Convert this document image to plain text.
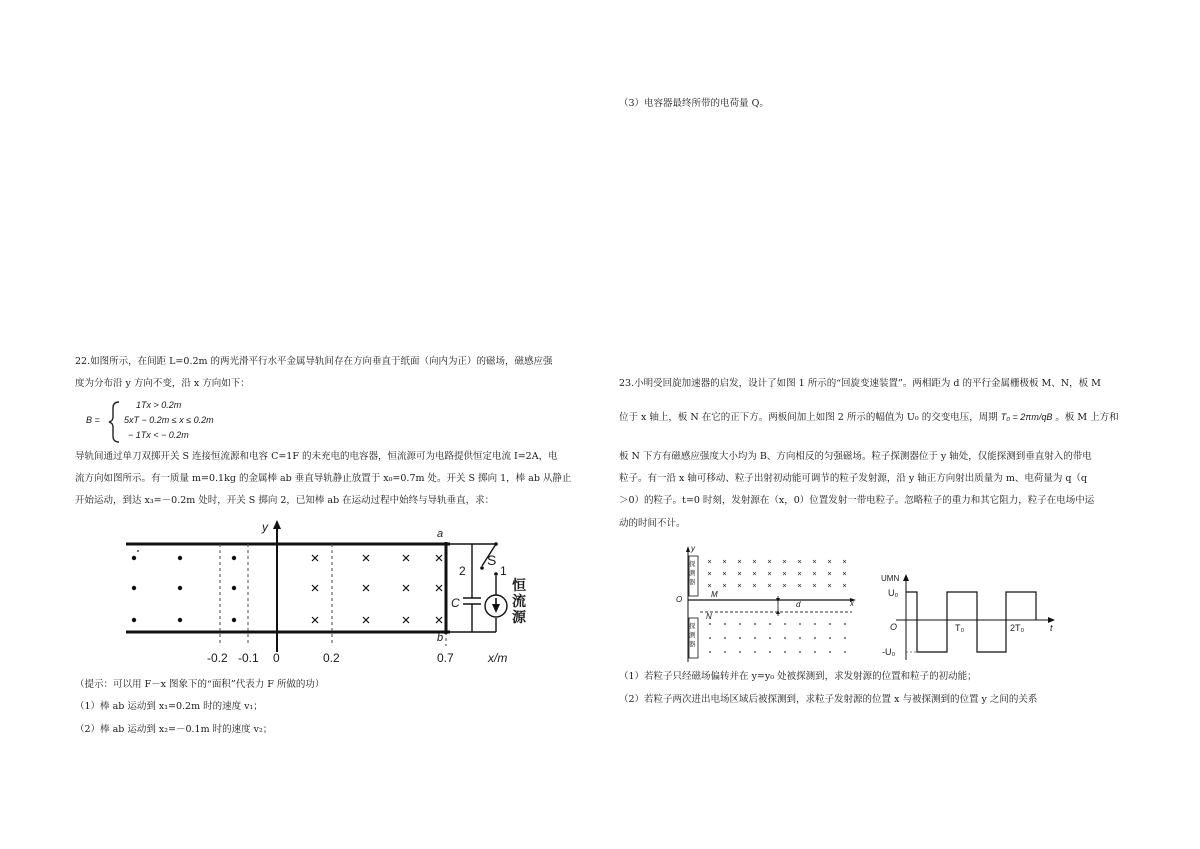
（3）电容器最终所带的电荷量 Q。
22.如图所示，在间距 L=0.2m 的两光滑平行水平金属导轨间存在方向垂直于纸面（向内为正）的磁场，磁感应强
度为分布沿 y 方向不变，沿 x 方向如下：
B =
1Tx > 0.2m
5xT − 0.2m ≤ x ≤ 0.2m
− 1Tx < − 0.2m
导轨间通过单刀双掷开关 S 连接恒流源和电容 C=1F 的未充电的电容器，恒流源可为电路提供恒定电流 I=2A，电
流方向如图所示。有一质量 m=0.1kg 的金属棒 ab 垂直导轨静止放置于 x₀=0.7m 处。开关 S 掷向 1，棒 ab 从静止
开始运动，到达 x₃=－0.2m 处时，开关 S 掷向 2，已知棒 ab 在运动过程中始终与导轨垂直，求：
y	a
b
S
1
2
C
恒
流
源
-0.2 -0.1 0	0.2	0.7	x/m
（提示：可以用 F－x 图象下的“面积”代表力 F 所做的功）
（1）棒 ab 运动到 x₁=0.2m 时的速度 v₁；
（2）棒 ab 运动到 x₂=－0.1m 时的速度 v₂；
23.小明受回旋加速器的启发，设计了如图 1 所示的“回旋变速装置”。两相距为 d 的平行金属栅极板 M、N，板 M
位于 x 轴上，板 N 在它的正下方。两板间加上如图 2 所示的幅值为 U₀ 的交变电压，周期 T₀ = 2πm/qB 。板 M 上方和
板 N 下方有磁感应强度大小均为 B、方向相反的匀强磁场。粒子探测器位于 y 轴处，仅能探测到垂直射入的带电
粒子。有一沿 x 轴可移动、粒子出射初动能可调节的粒子发射源，沿 y 轴正方向射出质量为 m、电荷量为 q（q
＞0）的粒子。t=0 时刻，发射源在（x，0）位置发射一带电粒子。忽略粒子的重力和其它阻力，粒子在电场中运
动的时间不计。
y
x
O
M
N
d
探
测
器
探
测
器
UMN
U₀
-U₀
O	T₀	2T₀	t
（1）若粒子只经磁场偏转并在 y=y₀ 处被探测到，求发射源的位置和粒子的初动能；
（2）若粒子两次进出电场区域后被探测到，求粒子发射源的位置 x 与被探测到的位置 y 之间的关系
